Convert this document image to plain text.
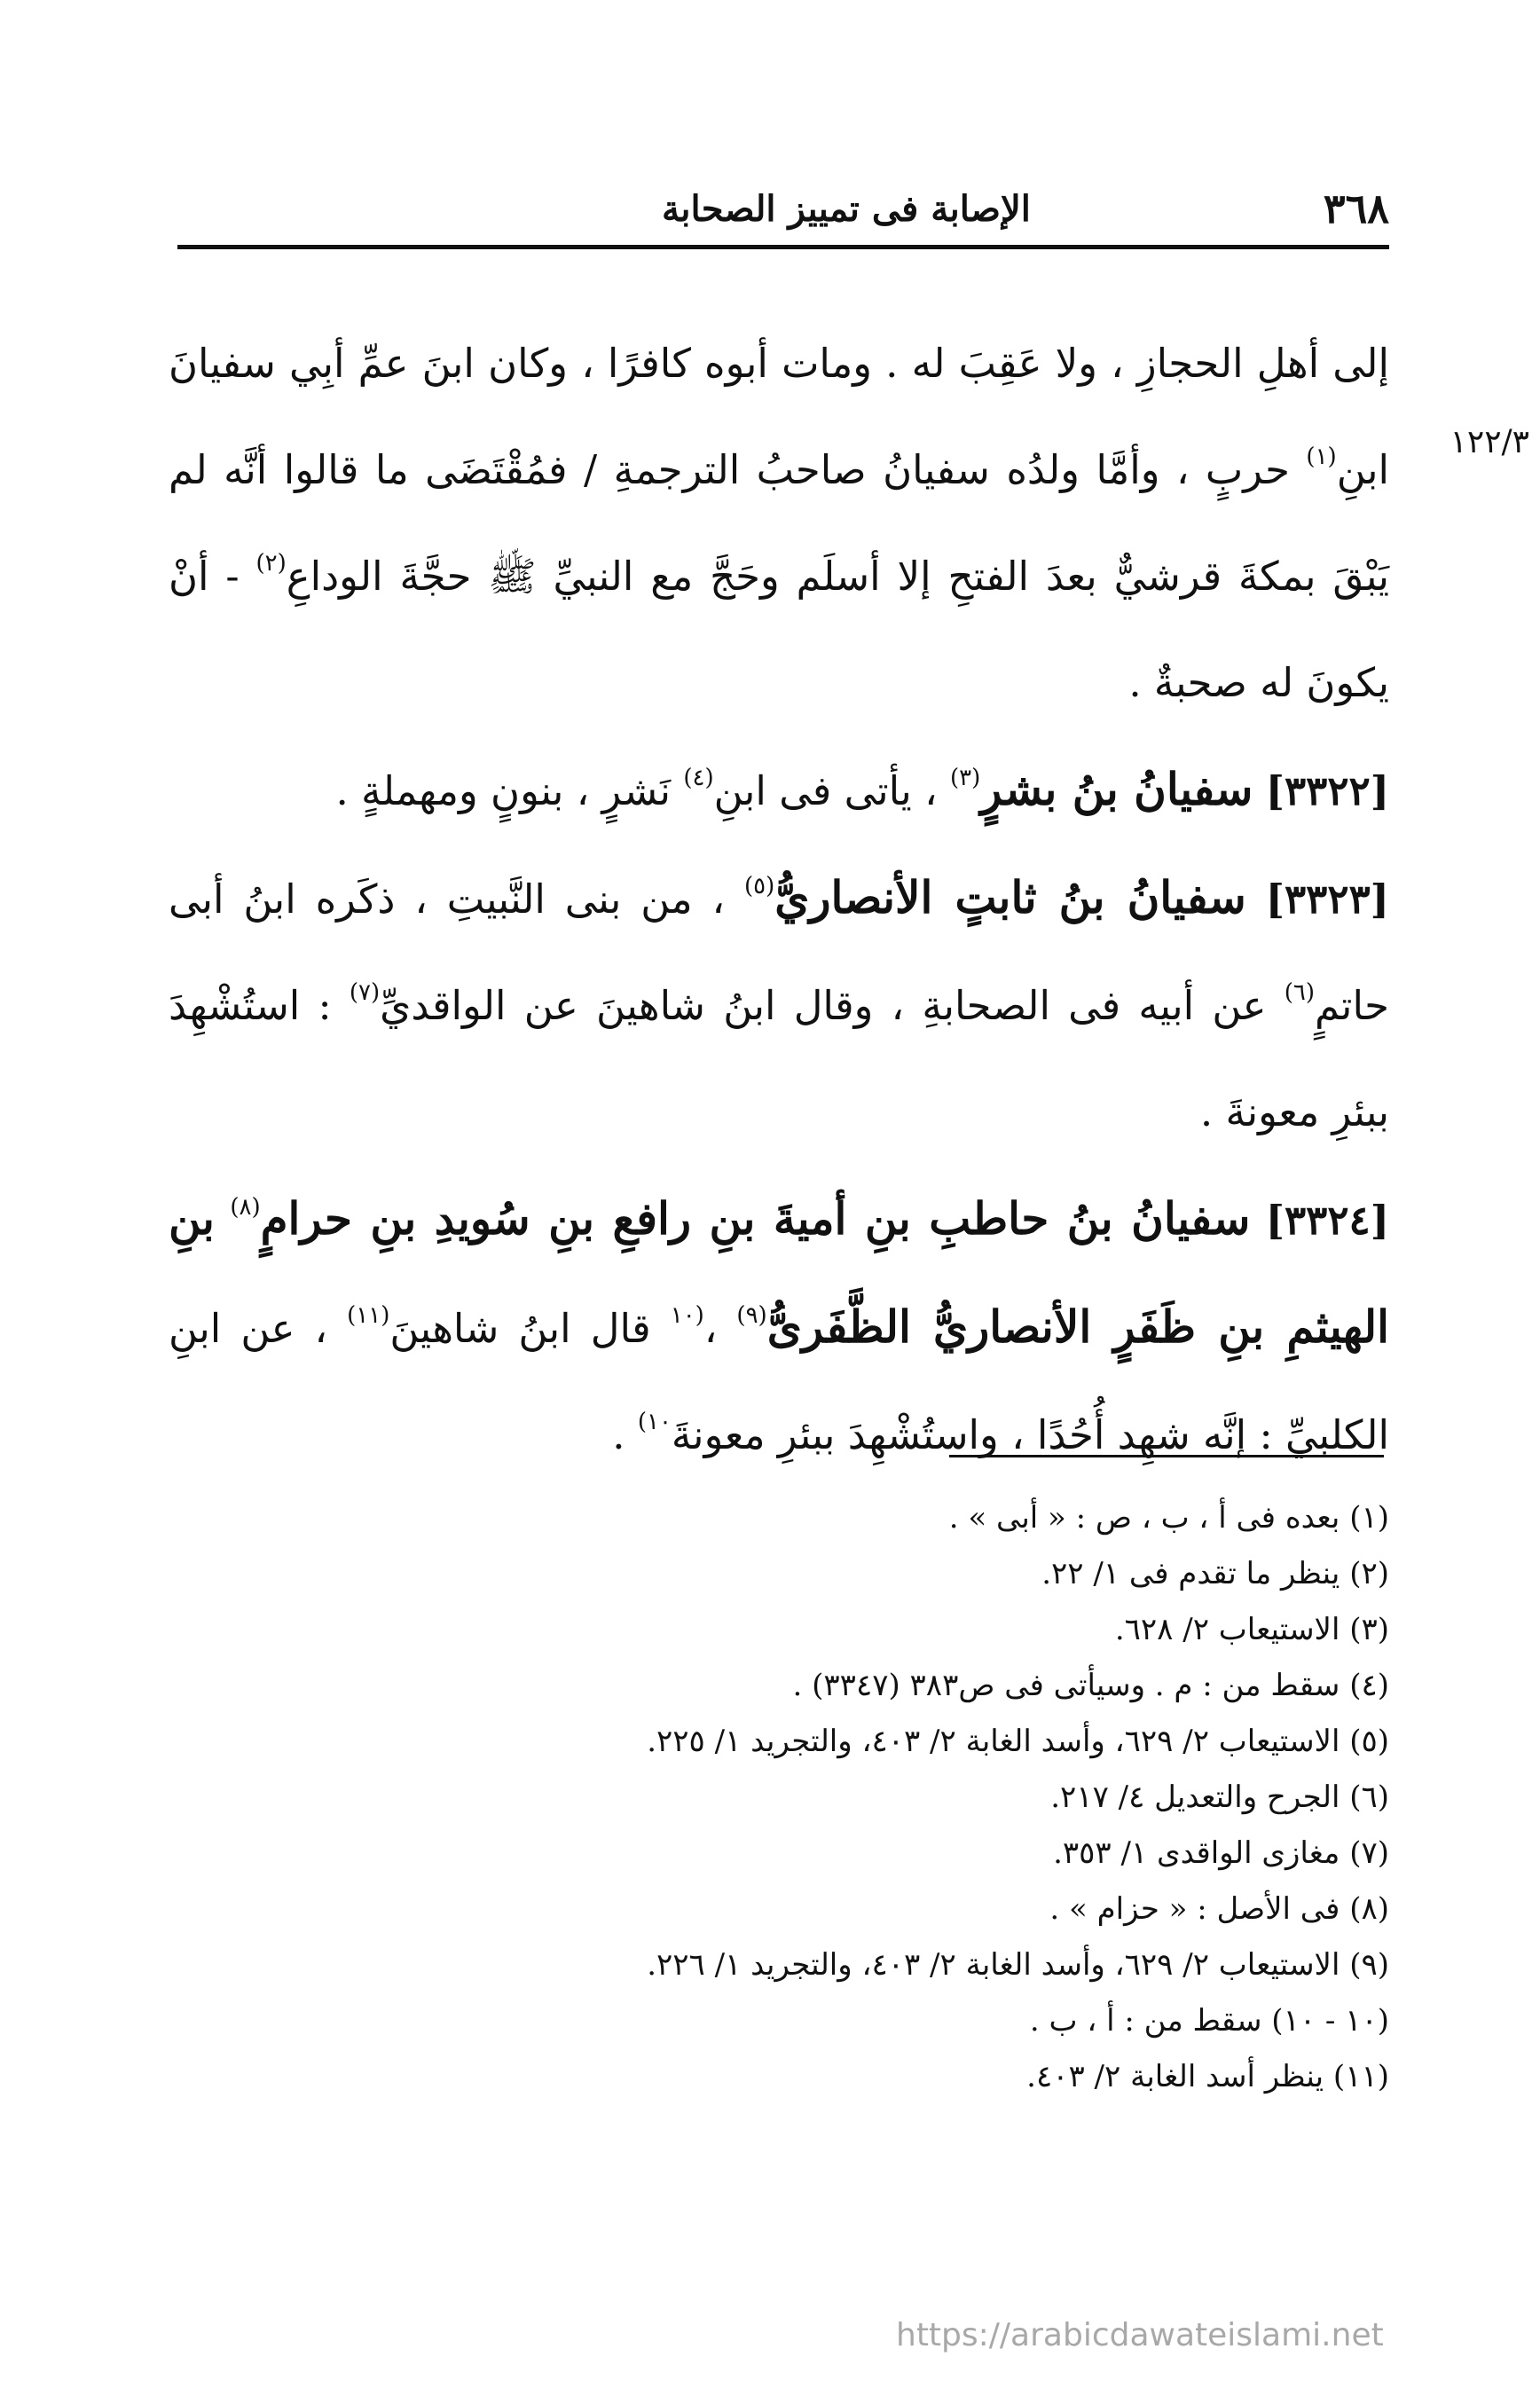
٣٦٨
الإصابة فى تمييز الصحابة
١٢٢/٣

إلى أهلِ الحجازِ ، ولا عَقِبَ له . ومات أبوه كافرًا ، وكان ابنَ عمِّ أبِي سفيانَ ابنِ$^{(١)}$ حربٍ ، وأمَّا ولدُه سفيانُ صاحبُ الترجمةِ / فمُقْتَضَى ما قالوا أنَّه لم يَبْقَ بمكةَ قرشيٌّ بعدَ الفتحِ إلا أسلَم وحَجَّ مع النبيِّ ﷺ حجَّةَ الوداعِ$^{(٢)}$ - أنْ يكونَ له صحبةٌ .

[٣٣٢٢] سفيانُ بنُ بشرٍ$^{(٣)}$ ، يأتى فى ابنِ$^{(٤)}$ نَشرٍ ، بنونٍ ومهملةٍ .

[٣٣٢٣] سفيانُ بنُ ثابتٍ الأنصاريُّ$^{(٥)}$ ، من بنى النَّبيتِ ، ذكَره ابنُ أبى حاتمٍ$^{(٦)}$ عن أبيه فى الصحابةِ ، وقال ابنُ شاهينَ عن الواقديِّ$^{(٧)}$ : استُشْهِدَ ببئرِ معونةَ .

[٣٣٢٤] سفيانُ بنُ حاطبِ بنِ أميةَ بنِ رافعِ بنِ سُويدِ بنِ حرامٍ$^{(٨)}$ بنِ الهيثمِ بنِ ظَفَرٍ الأنصاريُّ الظَّفَرىُّ$^{(٩)}$ ،$^{(١٠}$ قال ابنُ شاهينَ$^{(١١)}$ ، عن ابنِ الكلبيِّ : إنَّه شهِد أُحُدًا ، واستُشْهِدَ ببئرِ معونةَ$^{١٠)}$ .

(١) بعده فى أ ، ب ، ص : « أبى » .

(٢) ينظر ما تقدم فى ١/ ٢٢.

(٣) الاستيعاب ٢/ ٦٢٨.

(٤) سقط من : م . وسيأتى فى ص٣٨٣ (٣٣٤٧) .

(٥) الاستيعاب ٢/ ٦٢٩، وأسد الغابة ٢/ ٤٠٣، والتجريد ١/ ٢٢٥.

(٦) الجرح والتعديل ٤/ ٢١٧.

(٧) مغازى الواقدى ١/ ٣٥٣.

(٨) فى الأصل : « حزام » .

(٩) الاستيعاب ٢/ ٦٢٩، وأسد الغابة ٢/ ٤٠٣، والتجريد ١/ ٢٢٦.

(١٠ - ١٠) سقط من : أ ، ب .

(١١) ينظر أسد الغابة ٢/ ٤٠٣.

https://arabicdawateislami.net
